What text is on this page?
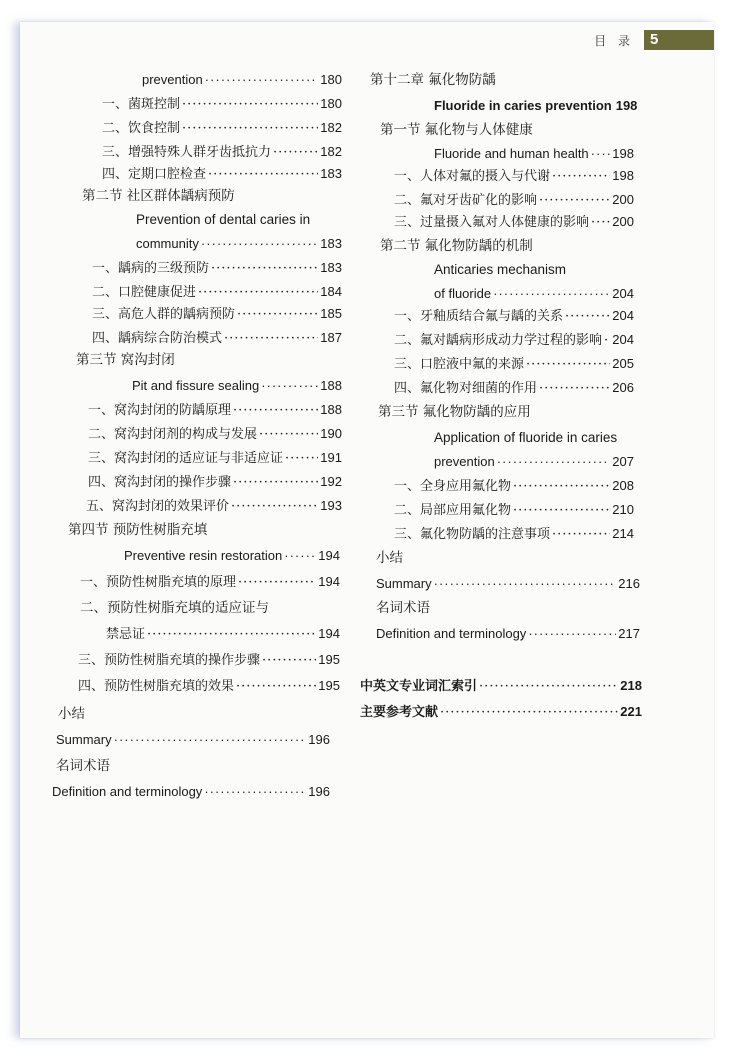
目 录	5
prevention ·····	180
一、菌斑控制 ·····	180
二、饮食控制 ·····	182
三、增强特殊人群牙齿抵抗力 ·····	182
四、定期口腔检查 ·····	183
第二节 社区群体龋病预防
Prevention of dental caries in
community ·····	183
一、龋病的三级预防 ·····	183
二、口腔健康促进 ·····	184
三、高危人群的龋病预防 ·····	185
四、龋病综合防治模式 ·····	187
第三节 窝沟封闭
Pit and fissure sealing ·····	188
一、窝沟封闭的防龋原理 ·····	188
二、窝沟封闭剂的构成与发展 ·····	190
三、窝沟封闭的适应证与非适应证 ·····	191
四、窝沟封闭的操作步骤 ·····	192
五、窝沟封闭的效果评价 ·····	193
第四节 预防性树脂充填
Preventive resin restoration ·····	194
一、预防性树脂充填的原理 ·····	194
二、预防性树脂充填的适应证与
禁忌证 ·····	194
三、预防性树脂充填的操作步骤 ·····	195
四、预防性树脂充填的效果 ·····	195
小结
Summary ·····	196
名词术语
Definition and terminology ·····	196
第十二章 氟化物防龋
Fluoride in caries prevention 198
第一节 氟化物与人体健康
Fluoride and human health ····· 198
一、人体对氟的摄入与代谢 ·····	198
二、氟对牙齿矿化的影响 ·····	200
三、过量摄入氟对人体健康的影响 ····· 200
第二节 氟化物防龋的机制
Anticaries mechanism
of fluoride ·····	204
一、牙釉质结合氟与龋的关系 ·····	204
二、氟对龋病形成动力学过程的影响 ····· 204
三、口腔液中氟的来源 ·····	205
四、氟化物对细菌的作用 ·····	206
第三节 氟化物防龋的应用
Application of fluoride in caries
prevention ·····	207
一、全身应用氟化物 ·····	208
二、局部应用氟化物 ·····	210
三、氟化物防龋的注意事项 ·····	214
小结
Summary ·····	216
名词术语
Definition and terminology ·····	217
中英文专业词汇索引 ·····	218
主要参考文献 ·····	221
